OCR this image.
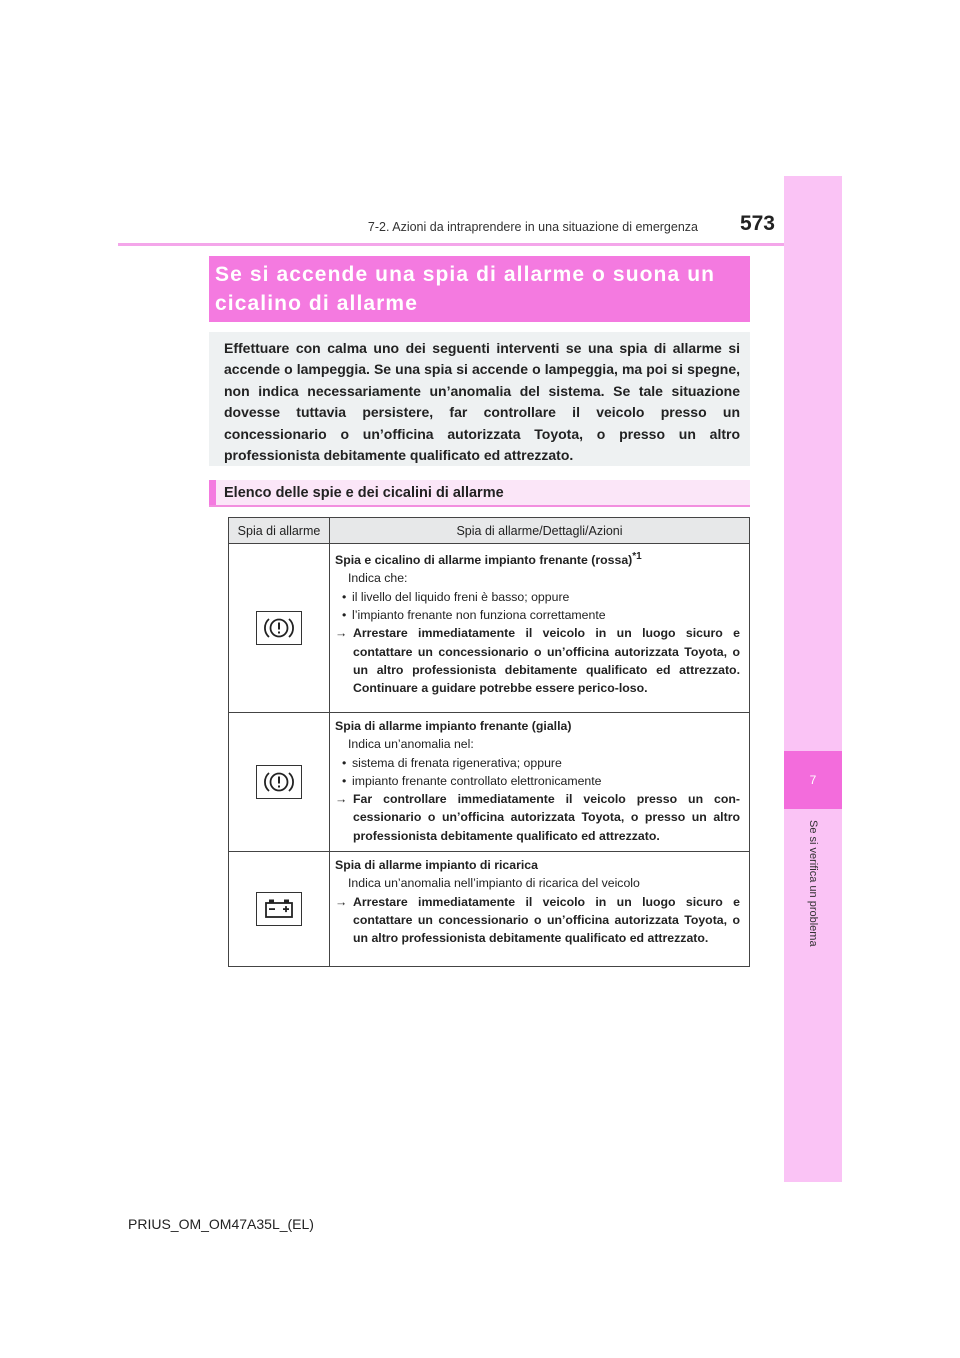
7
Se si verifica un problema
7-2. Azioni da intraprendere in una situazione di emergenza	573
Se si accende una spia di allarme o suona un
cicalino di allarme

Effettuare con calma uno dei seguenti interventi se una spia di allarme si accende o lampeggia. Se una spia si accende o lampeggia, ma poi si spegne, non indica necessariamente un’anomalia del sistema. Se tale situazione dovesse tuttavia persistere, far controllare il veicolo presso un concessionario o un’officina autorizzata Toyota, o presso un altro professionista debitamente qualificato ed attrezzato.

Elenco delle spie e dei cicalini di allarme
Spia di allarme	Spia di allarme/Dettagli/Azioni

Spia e cicalino di allarme impianto frenante (rossa)$^{*1}$
Indica che:
• il livello del liquido freni è basso; oppure
• l’impianto frenante non funziona correttamente
→ Arrestare immediatamente il veicolo in un luogo sicuro e contattare un concessionario o un’officina autorizzata Toyota, o un altro professionista debitamente qualificato ed attrezzato. Continuare a guidare potrebbe essere perico-loso.

Spia di allarme impianto frenante (gialla)
Indica un’anomalia nel:
• sistema di frenata rigenerativa; oppure
• impianto frenante controllato elettronicamente
→ Far controllare immediatamente il veicolo presso un con-cessionario o un’officina autorizzata Toyota, o presso un altro professionista debitamente qualificato ed attrezzato.

Spia di allarme impianto di ricarica
Indica un’anomalia nell’impianto di ricarica del veicolo
→ Arrestare immediatamente il veicolo in un luogo sicuro e contattare un concessionario o un’officina autorizzata Toyota, o un altro professionista debitamente qualificato ed attrezzato.
PRIUS_OM_OM47A35L_(EL)
